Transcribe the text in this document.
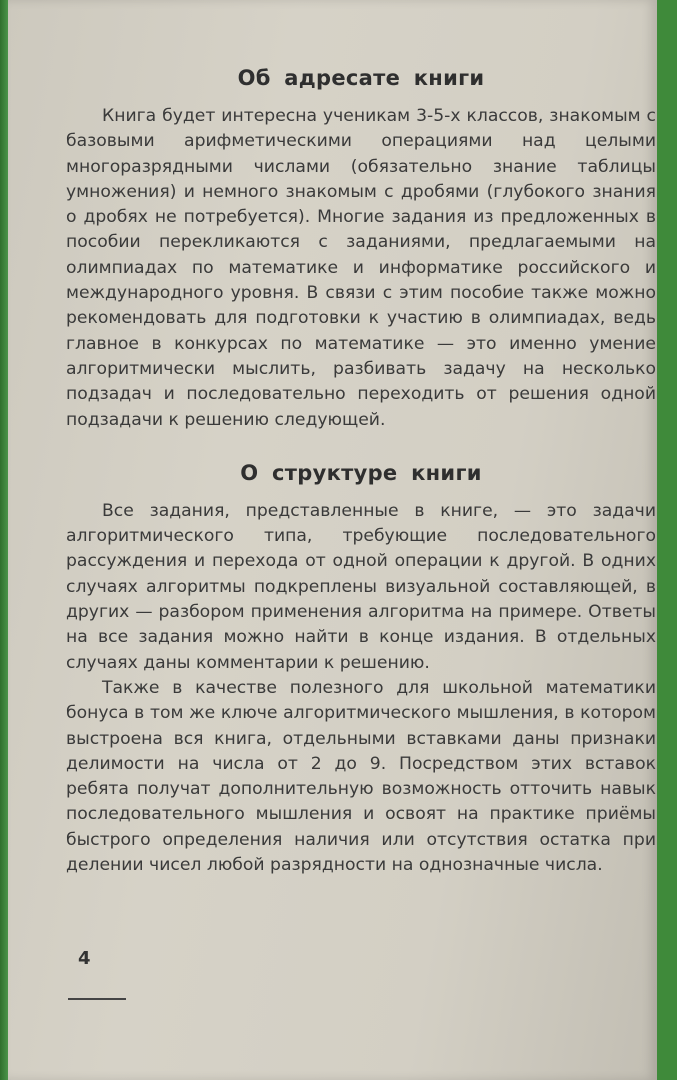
Об адресате книги

Книга будет интересна ученикам 3-5-х классов, знакомым с базовыми арифметическими операциями над целыми многоразрядными числами (обязательно знание таблицы умножения) и немного знакомым с дробями (глубокого знания о дробях не потребуется). Многие задания из предложенных в пособии перекликаются с заданиями, предлагаемыми на олимпиадах по математике и информатике российского и международного уровня. В связи с этим пособие также можно рекомендовать для подготовки к участию в олимпиадах, ведь главное в конкурсах по математике — это именно умение алгоритмически мыслить, разбивать задачу на несколько подзадач и последовательно переходить от решения одной подзадачи к решению следующей.

О структуре книги

Все задания, представленные в книге, — это задачи алгоритмического типа, требующие последовательного рассуждения и перехода от одной операции к другой. В одних случаях алгоритмы подкреплены визуальной составляющей, в других — разбором применения алгоритма на примере. Ответы на все задания можно найти в конце издания. В отдельных случаях даны комментарии к решению.

Также в качестве полезного для школьной математики бонуса в том же ключе алгоритмического мышления, в котором выстроена вся книга, отдельными вставками даны признаки делимости на числа от 2 до 9. Посредством этих вставок ребята получат дополнительную возможность отточить навык последовательного мышления и освоят на практике приёмы быстрого определения наличия или отсутствия остатка при делении чисел любой разрядности на однозначные числа.

4
